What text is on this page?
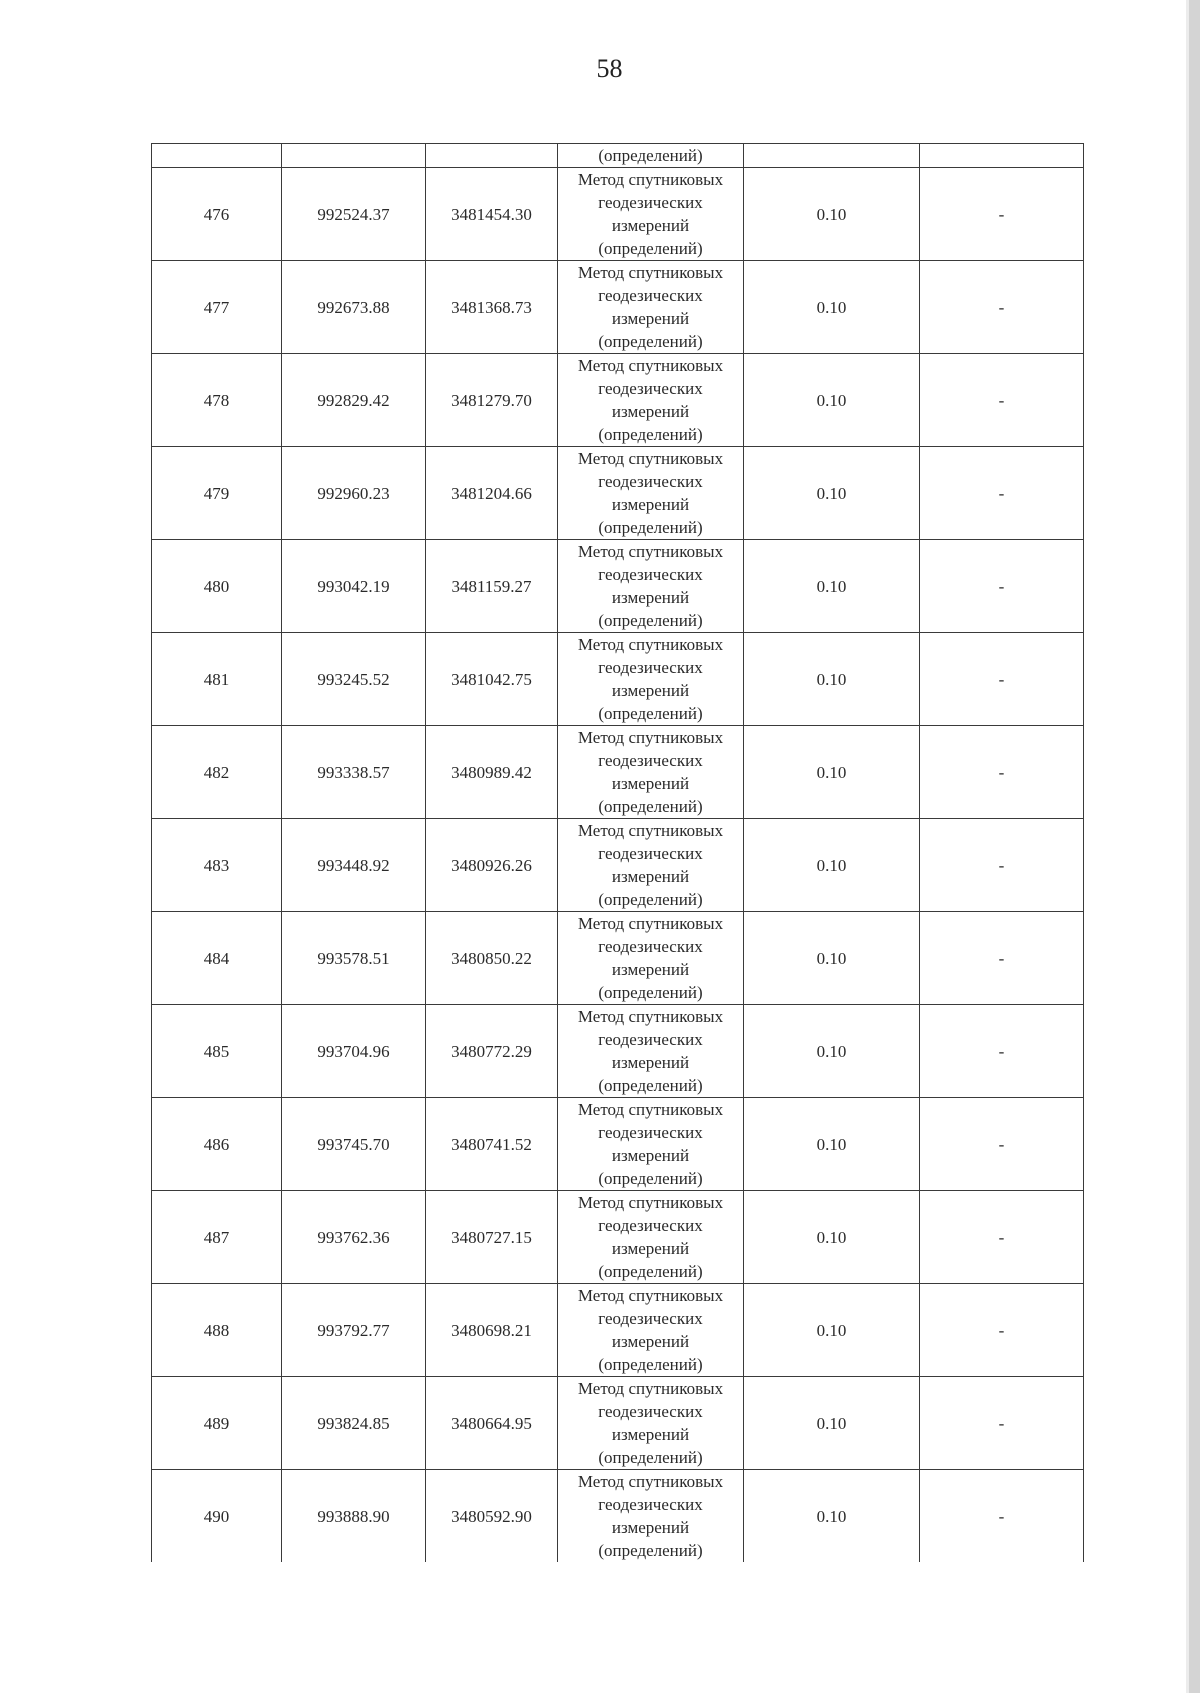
58
			(определений)		
476	992524.37	3481454.30	Метод спутниковых
геодезических
измерений
(определений)	0.10	-
477	992673.88	3481368.73	Метод спутниковых
геодезических
измерений
(определений)	0.10	-
478	992829.42	3481279.70	Метод спутниковых
геодезических
измерений
(определений)	0.10	-
479	992960.23	3481204.66	Метод спутниковых
геодезических
измерений
(определений)	0.10	-
480	993042.19	3481159.27	Метод спутниковых
геодезических
измерений
(определений)	0.10	-
481	993245.52	3481042.75	Метод спутниковых
геодезических
измерений
(определений)	0.10	-
482	993338.57	3480989.42	Метод спутниковых
геодезических
измерений
(определений)	0.10	-
483	993448.92	3480926.26	Метод спутниковых
геодезических
измерений
(определений)	0.10	-
484	993578.51	3480850.22	Метод спутниковых
геодезических
измерений
(определений)	0.10	-
485	993704.96	3480772.29	Метод спутниковых
геодезических
измерений
(определений)	0.10	-
486	993745.70	3480741.52	Метод спутниковых
геодезических
измерений
(определений)	0.10	-
487	993762.36	3480727.15	Метод спутниковых
геодезических
измерений
(определений)	0.10	-
488	993792.77	3480698.21	Метод спутниковых
геодезических
измерений
(определений)	0.10	-
489	993824.85	3480664.95	Метод спутниковых
геодезических
измерений
(определений)	0.10	-
490	993888.90	3480592.90	Метод спутниковых
геодезических
измерений
(определений)	0.10	-
